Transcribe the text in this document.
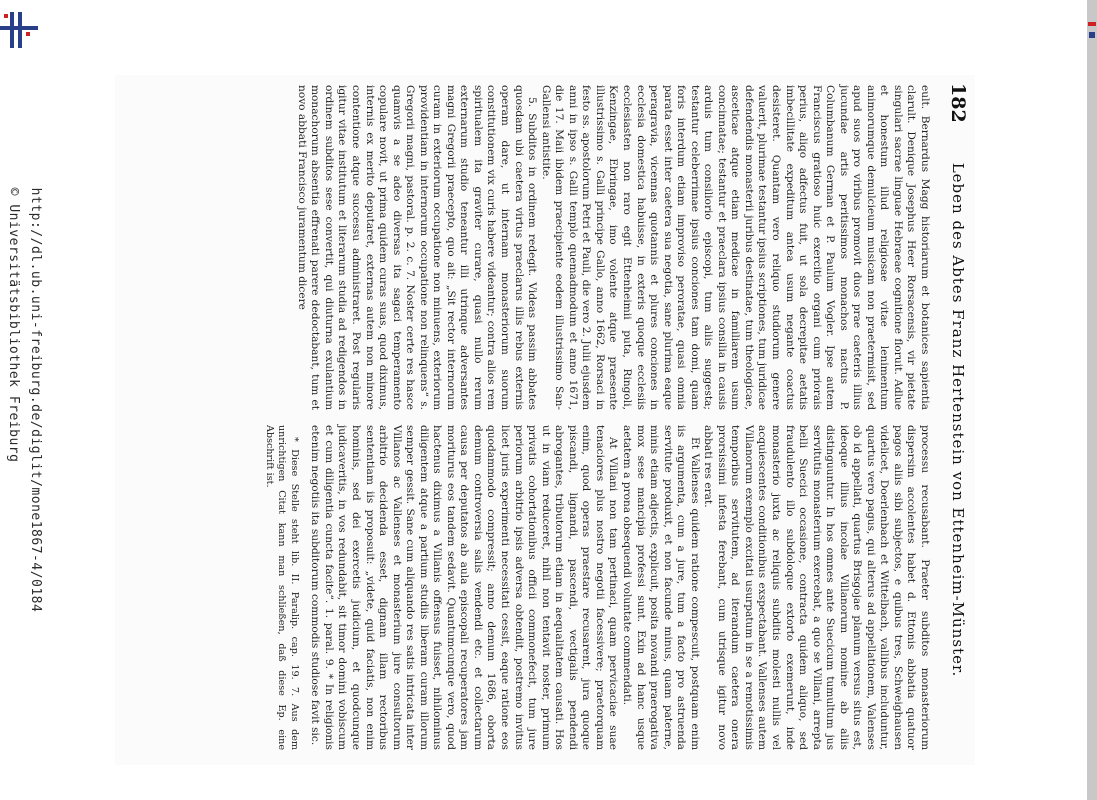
http://dl.ub.uni-freiburg.de/diglit/mone1867-4/0184
© Universitätsbibliothek Freiburg
182
Leben des Abtes Franz Hertenstein von Ettenheim-Münster.

eult. Bernardus Magg historiarum et botanices sapientia clarult. Denique Josephus Heer Rorsacensis, vir pietate singulari sacrae linguae Hebraeae cognitione floruit. Adlue et honestum illud religiosae vitae lenimentum animorumque demulcieum musicam non praetermisit, sed apud suos pro viribus promovit duos prae caeteris illius jucundae artis peritissimos monachos nactus P. Columbanum German et P. Paulum Vogler. Ipse autem Franciscus gratioso huic exercitio organi cum priorais perius, aliqo adfectus fuit, ut sola decrepitae aetatis imbecillitate expeditum antea usum negante coactus desisteret. Quantam vero reliquo studiorum genere valuerit, plurimae testantur ipsius scriptiones, tum juridicae defendendis monasterii juribus destinatae, tum theologicae, asceticae atque etiam medicae in familiarem usum concinnatae; testantur et praeclara ipsius consilia in causis arduis tum consiliorio episcopi, tum aliis suggesta; testantur celeberrimae ipsius conciones tam domi, quam foris interdum etiam improviso peroratae, quasi omnia parata esset inter caetera sua negotia, sane plurima eaque peragravia, vicennas quotannis et plures conciones in ecclesia domestica habuisse, in exteris quoque ecclesiis ecclesiasten non raro egit Ettenheimii puta, Ringoli, Kenzingae, Ebringae, imo volente atque praesente illustrissimo s. Galli principe Gallo, anno 1662, Rorsaci in festo ss. apostolorum Petri et Pauli, die vero 2. Julii ejusdem anni in ipso s. Galli templo quemadmodum et anno 1671, die 17. Maii ibidem praecipiente eodem illustrissimo San-Gallensi antistite.

5. Subditos in ordinem redegit. Videas passim abbates quosdam ubi caetera virtus praeclarus illis rebus externis operam dare, ut internam monasteriorum suorum constitutionem vix curis habere videantur; contra alios rem spiritualem ita graviter curare, quasi nullo rerum externarum studio teneantur illi utrinque adversantes magni Gregorii praecepto, quo ait: „Sit rector internorum curam in exteriorum occupatione non minuens, exteriorum providentiam in internorum occupatione non relinquens“ s. Gregorii magni, pastoral. p. 2. c. 7. Noster certe res hasce quamvis a se adeo diversas ita sagaci temperamento copulare novit, ut prima quidem curas suas, quod diximus, internis ex merito deputaret, externas autem non minore contentione atque successu administraret. Post regularis igitur vitae institutum et literarum studia ad redigendos in ordinem subditos sese convertit, qui diuturna exulantium monachorum absentia effrenati parere dedoctabant, tum et novo abbati Francisco juramentum dicere

processu recusabant. Praeter subditos monasteriorum dispersim accolentes habet d. Ettonis abbatia quatuor pagos aliis sibi subjectos, e quibus tres, Schweighausen videlicet, Doerlenbach et Wittelbach, vallibus includuntur, quartus vero pagus, qui alterus ad appellationem, Valenses ob id appellati, quartus Brisgojae planum versus situs est, ideoque illius incolae Villanorum nomine ab aliis distinguuntur. In hos omnes ante Suecicum tumultum jus servitutis monasterium exercebat, a quo se Villani, arrepta belli Suecici occasione, contracta quidem aliquo, sed fraudulento illo subdoloque extorto exemerunt, inde monasterio juxta ac reliquis subditis molesti nullis vel acquiescentes conditionibus exspectabant. Vallenses autem Villanorum exemplo excitati usurpatum in se a remotissimis temporibus servitutem, ad iterandum caetera onera prorsissimi infesta ferebant, cum utrisque igitur novo abbati res erat.

Et Vallenses quidem ratione compescuit, postquam enim iis argumenta, cum a jure, tum a facto pro astruenda servitute produxit, et non facunde minus, quam paterne, minis etiam adjectis, explicuit, posita novandi praerogativa mox sese mancipia professi sunt. Exin ad hanc usque aetatem a prona obsequendi voluntate commendati.

At Villani non tam pertinaci, quam pervicaciae suae tenaciores plus nostro negotii facessivere; praetorquam enim, quod operas praestare recusarent, jura quoque piscandi, lignandi, pascendi, vectigalis pendendi abrogantes, tributorum etiam in aequalitatem causati. Hos ut in viam reduceret, nihil non tentavit noster, primum privatis cohortationibus officii commonefecit, tum jure periorum arbitrio ipsis adversa obtendit, postremo invitus licet juris experimenti necessitati cessit, eaque ratione eos quodammodo compressit; anno demum 1686, oborta demum controversia salis vendendi etc. et collectarum causa per deputatos ab aula episcopali recuperatores jam moriturus eos tandem sedavit. Quantumcunque vero, quod hactenus diximus a Villanis offensus fuisset, nihilominus diligentem atque a partium studiis liberam curam illorum semper gessit. Sane cum aliquando res satis intricata inter Villanos ac Vallenses et monasterium jure consultorum arbitrio decidenda esset, dignam illam rectoribus sententiam iis proposuit: „videte, quid faciatis, non enim hominis, sed dei exercetis judicium, et quodcunque judicaveritis, in vos redundabit, sit timor domini vobiscum et cum diligentia cuncta facite“. 1. paral. 9. * In religionis etenim negotiis ita subditorum commodis studiose favit sic.

* Diese Stelle steht lib. II. Paralip. cap. 19. 7. Aus dem unrichtigen Citat kann man schließen, daß diese Ep. eine Abschrift ist.
